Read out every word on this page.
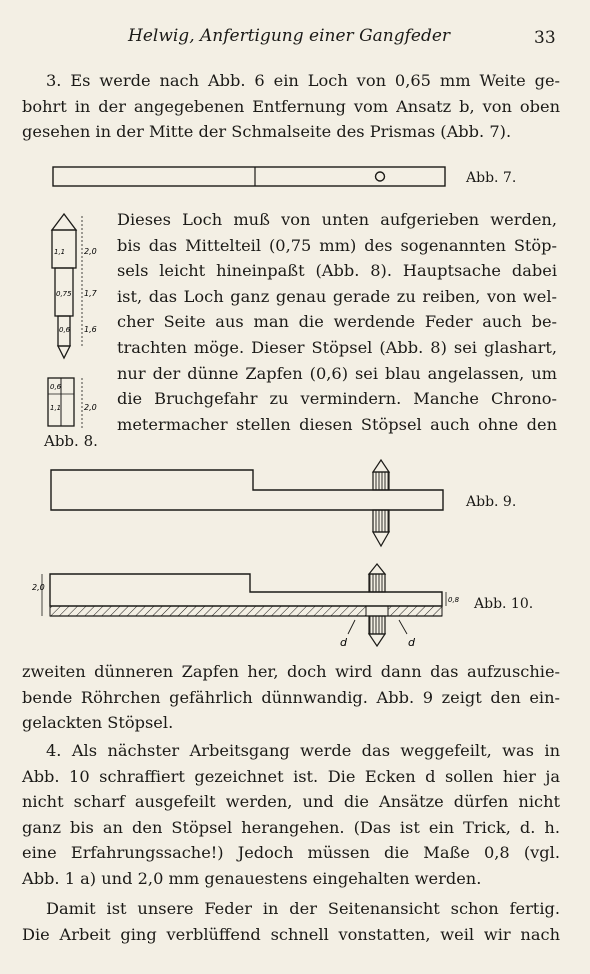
Helwig, Anfertigung einer Gangfeder	33
3. Es werde nach Abb. 6 ein Loch von 0,65 mm Weite ge-
bohrt in der angegebenen Entfernung vom Ansatz b, von oben
gesehen in der Mitte der Schmalseite des Prismas (Abb. 7).
Abb. 7.
1,1 2,0
0,75 1,7
0,6 1,6
0,6
1,1	2,0
Abb. 8.
Dieses Loch muß von unten aufgerieben werden,
bis das Mittelteil (0,75 mm) des sogenannten Stöp-
sels leicht hineinpaßt (Abb. 8). Hauptsache dabei
ist, das Loch ganz genau gerade zu reiben, von wel-
cher Seite aus man die werdende Feder auch be-
trachten möge. Dieser Stöpsel (Abb. 8) sei glashart,
nur der dünne Zapfen (0,6) sei blau angelassen, um
die Bruchgefahr zu vermindern. Manche Chrono-
metermacher stellen diesen Stöpsel auch ohne den
Abb. 9.
2,0
0,8
d	d
Abb. 10.
zweiten dünneren Zapfen her, doch wird dann das aufzuschie-
bende Röhrchen gefährlich dünnwandig. Abb. 9 zeigt den ein-
gelackten Stöpsel.
4. Als nächster Arbeitsgang werde das weggefeilt, was in
Abb. 10 schraffiert gezeichnet ist. Die Ecken d sollen hier ja
nicht scharf ausgefeilt werden, und die Ansätze dürfen nicht
ganz bis an den Stöpsel herangehen. (Das ist ein Trick, d. h.
eine Erfahrungssache!) Jedoch müssen die Maße 0,8 (vgl.
Abb. 1 a) und 2,0 mm genauestens eingehalten werden.
Damit ist unsere Feder in der Seitenansicht schon fertig.
Die Arbeit ging verblüffend schnell vonstatten, weil wir nach
